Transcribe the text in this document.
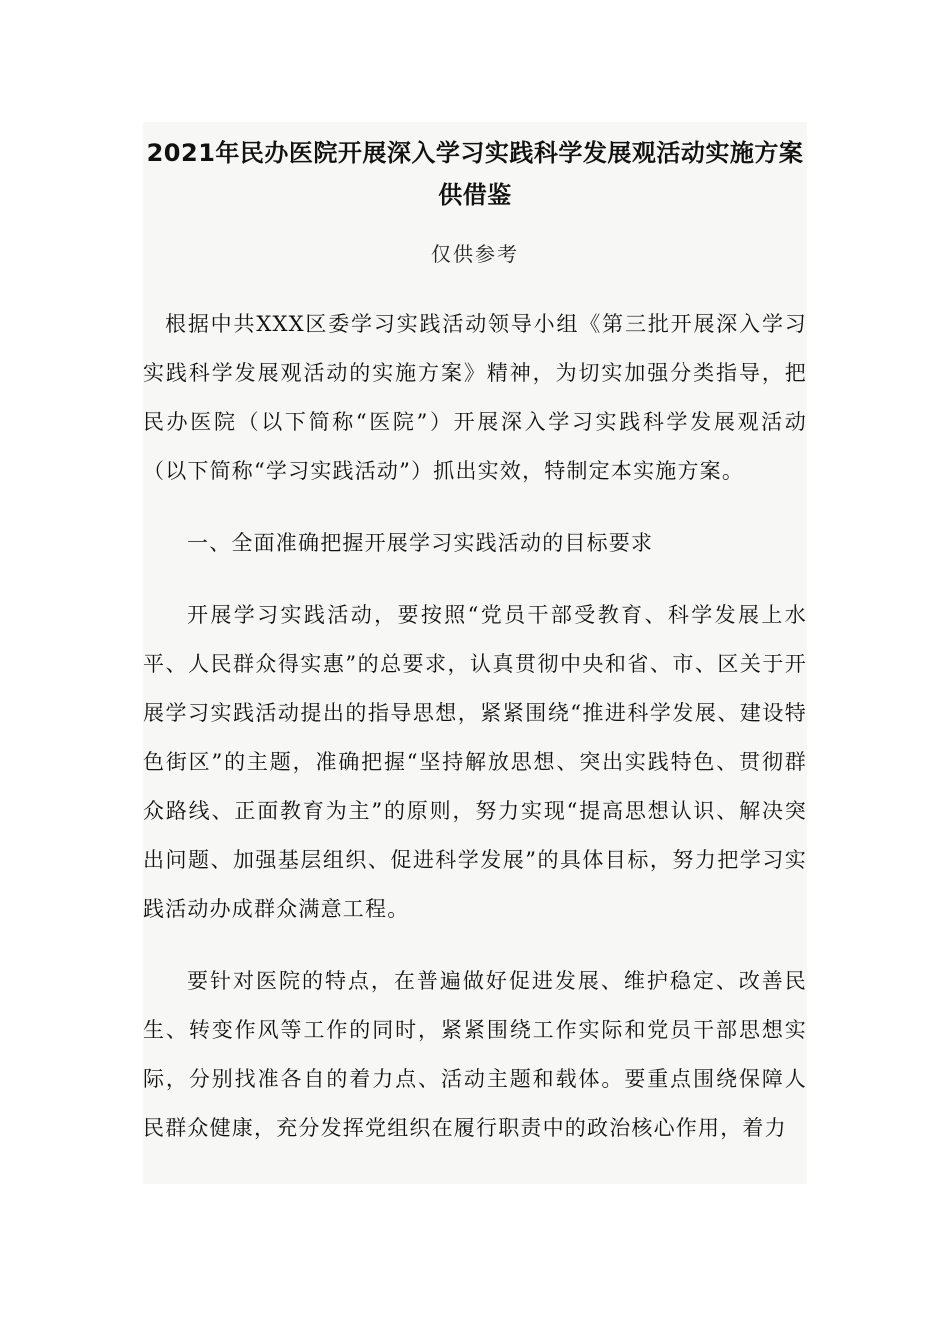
2021年民办医院开展深入学习实践科学发展观活动实施方案供借鉴
仅供参考

根据中共XXX区委学习实践活动领导小组《第三批开展深入学习实践科学发展观活动的实施方案》精神，为切实加强分类指导，把民办医院（以下简称“医院”）开展深入学习实践科学发展观活动（以下简称“学习实践活动”）抓出实效，特制定本实施方案。

一、全面准确把握开展学习实践活动的目标要求

开展学习实践活动，要按照“党员干部受教育、科学发展上水平、人民群众得实惠”的总要求，认真贯彻中央和省、市、区关于开展学习实践活动提出的指导思想，紧紧围绕“推进科学发展、建设特色街区”的主题，准确把握“坚持解放思想、突出实践特色、贯彻群众路线、正面教育为主”的原则，努力实现“提高思想认识、解决突出问题、加强基层组织、促进科学发展”的具体目标，努力把学习实践活动办成群众满意工程。

要针对医院的特点，在普遍做好促进发展、维护稳定、改善民生、转变作风等工作的同时，紧紧围绕工作实际和党员干部思想实际，分别找准各自的着力点、活动主题和载体。要重点围绕保障人民群众健康，充分发挥党组织在履行职责中的政治核心作用，着力
